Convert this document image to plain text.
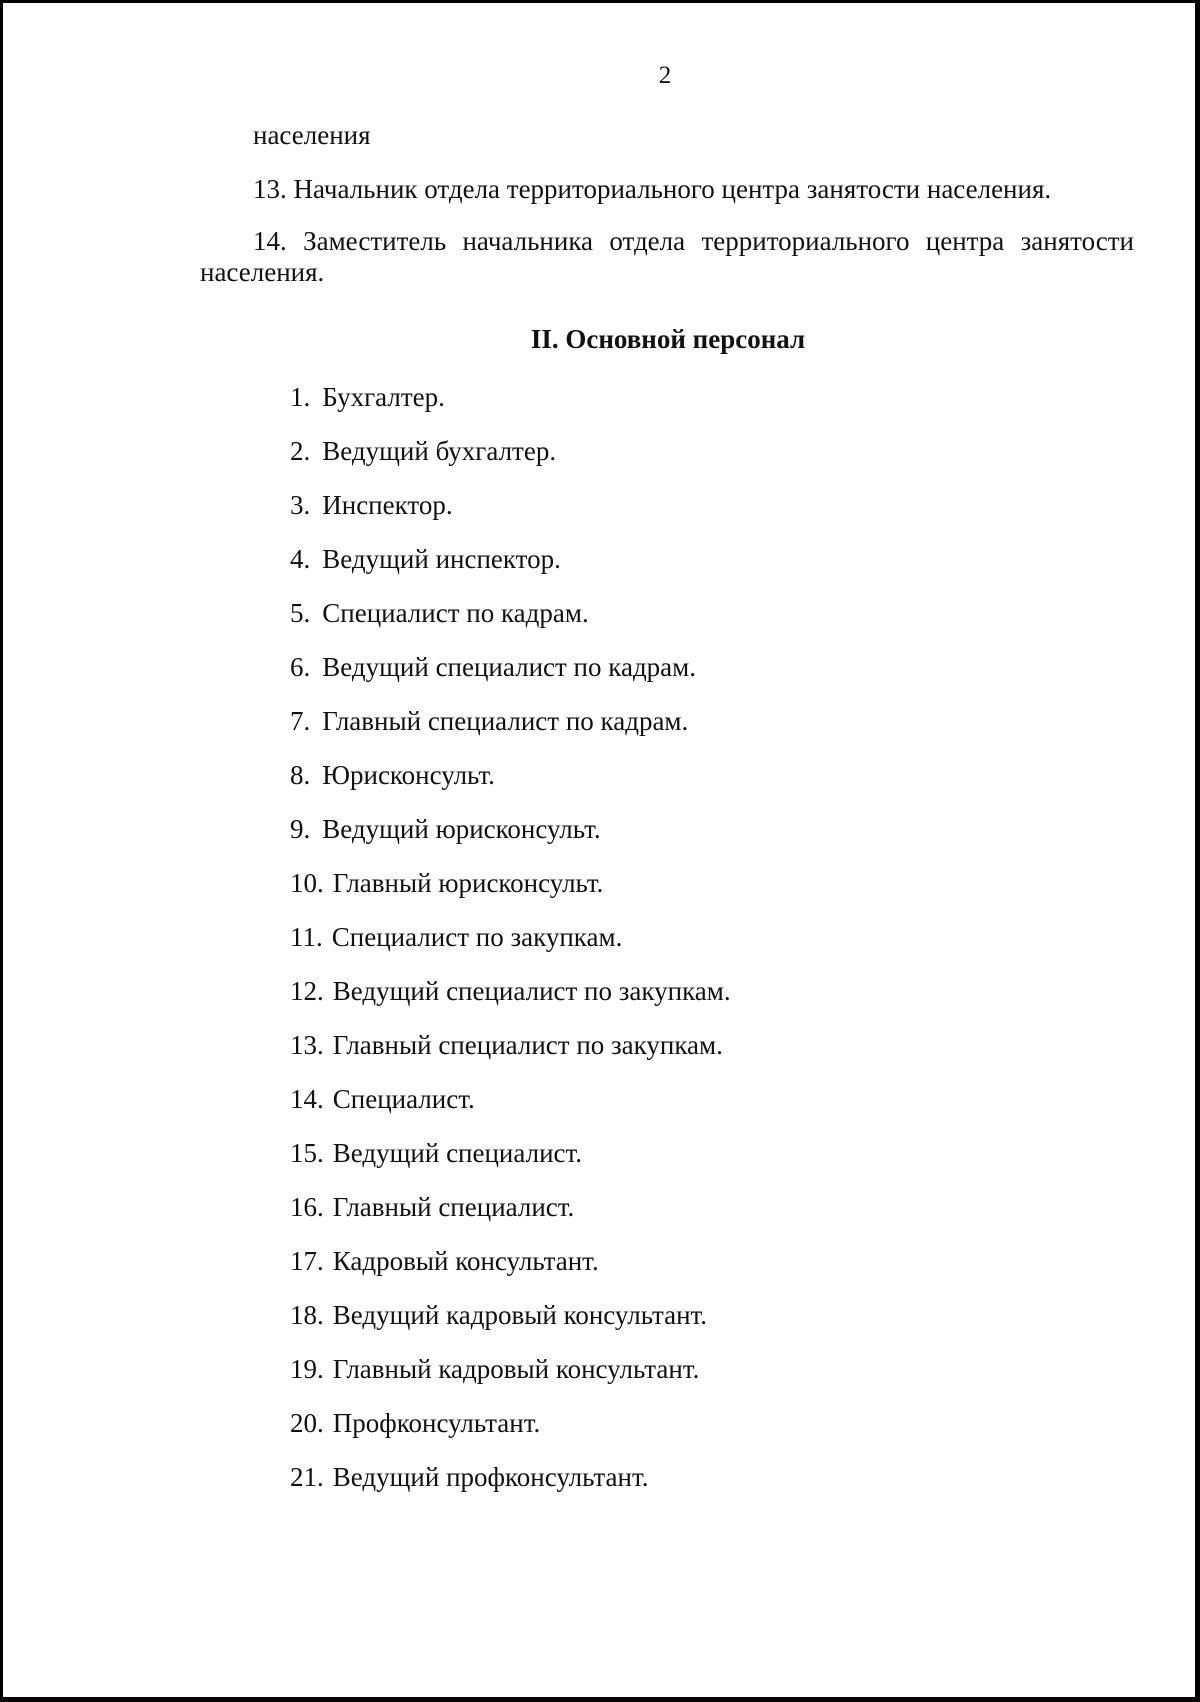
2
населения
13. Начальник отдела территориального центра занятости населения.
14. Заместитель начальника отдела территориального центра занятости населения.
II. Основной персонал
1. Бухгалтер.
2. Ведущий бухгалтер.
3. Инспектор.
4. Ведущий инспектор.
5. Специалист по кадрам.
6. Ведущий специалист по кадрам.
7. Главный специалист по кадрам.
8. Юрисконсульт.
9. Ведущий юрисконсульт.
10. Главный юрисконсульт.
11. Специалист по закупкам.
12. Ведущий специалист по закупкам.
13. Главный специалист по закупкам.
14. Специалист.
15. Ведущий специалист.
16. Главный специалист.
17. Кадровый консультант.
18. Ведущий кадровый консультант.
19. Главный кадровый консультант.
20. Профконсультант.
21. Ведущий профконсультант.
